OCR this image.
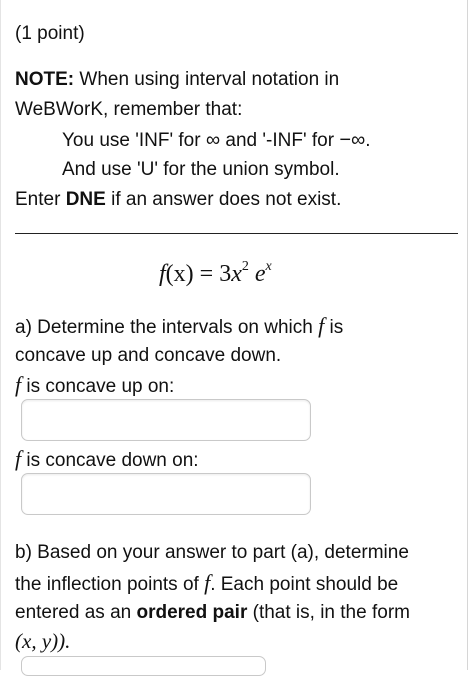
(1 point)
NOTE: When using interval notation in
WeBWorK, remember that:
You use 'INF' for ∞ and '-INF' for −∞.
And use 'U' for the union symbol.
Enter DNE if an answer does not exist.
$f(x) = 3x^2$ $e^x$
a) Determine the intervals on which f is
concave up and concave down.
f is concave up on:
f is concave down on:
b) Based on your answer to part (a), determine
the inflection points of f. Each point should be
entered as an ordered pair (that is, in the form
(x, y)).
